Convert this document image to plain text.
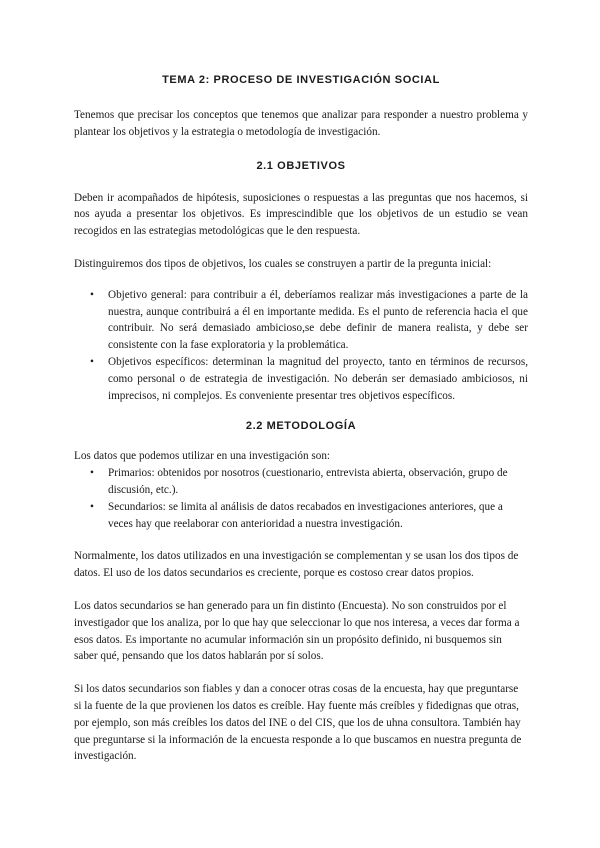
TEMA 2: PROCESO DE INVESTIGACIÓN SOCIAL

Tenemos que precisar los conceptos que tenemos que analizar para responder a nuestro problema y plantear los objetivos y la estrategia o metodología de investigación.

2.1 OBJETIVOS

Deben ir acompañados de hipótesis, suposiciones o respuestas a las preguntas que nos hacemos, si nos ayuda a presentar los objetivos. Es imprescindible que los objetivos de un estudio se vean recogidos en las estrategias metodológicas que le den respuesta.

Distinguiremos dos tipos de objetivos, los cuales se construyen a partir de la pregunta inicial:

• Objetivo general: para contribuir a él, deberíamos realizar más investigaciones a parte de la nuestra, aunque contribuirá a él en importante medida. Es el punto de referencia hacia el que contribuir. No será demasiado ambicioso,se debe definir de manera realista, y debe ser consistente con la fase exploratoria y la problemática.
• Objetivos específicos: determinan la magnitud del proyecto, tanto en términos de recursos, como personal o de estrategia de investigación. No deberán ser demasiado ambiciosos, ni imprecisos, ni complejos. Es conveniente presentar tres objetivos específicos.
2.2 METODOLOGÍA

Los datos que podemos utilizar en una investigación son:

• Primarios: obtenidos por nosotros (cuestionario, entrevista abierta, observación, grupo de discusión, etc.).
• Secundarios: se limita al análisis de datos recabados en investigaciones anteriores, que a veces hay que reelaborar con anterioridad a nuestra investigación.

Normalmente, los datos utilizados en una investigación se complementan y se usan los dos tipos de datos. El uso de los datos secundarios es creciente, porque es costoso crear datos propios.

Los datos secundarios se han generado para un fin distinto (Encuesta). No son construidos por el investigador que los analiza, por lo que hay que seleccionar lo que nos interesa, a veces dar forma a esos datos. Es importante no acumular información sin un propósito definido, ni busquemos sin saber qué, pensando que los datos hablarán por sí solos.

Si los datos secundarios son fiables y dan a conocer otras cosas de la encuesta, hay que preguntarse si la fuente de la que provienen los datos es creíble. Hay fuente más creíbles y fidedignas que otras, por ejemplo, son más creíbles los datos del INE o del CIS, que los de uhna consultora. También hay que preguntarse si la información de la encuesta responde a lo que buscamos en nuestra pregunta de investigación.
